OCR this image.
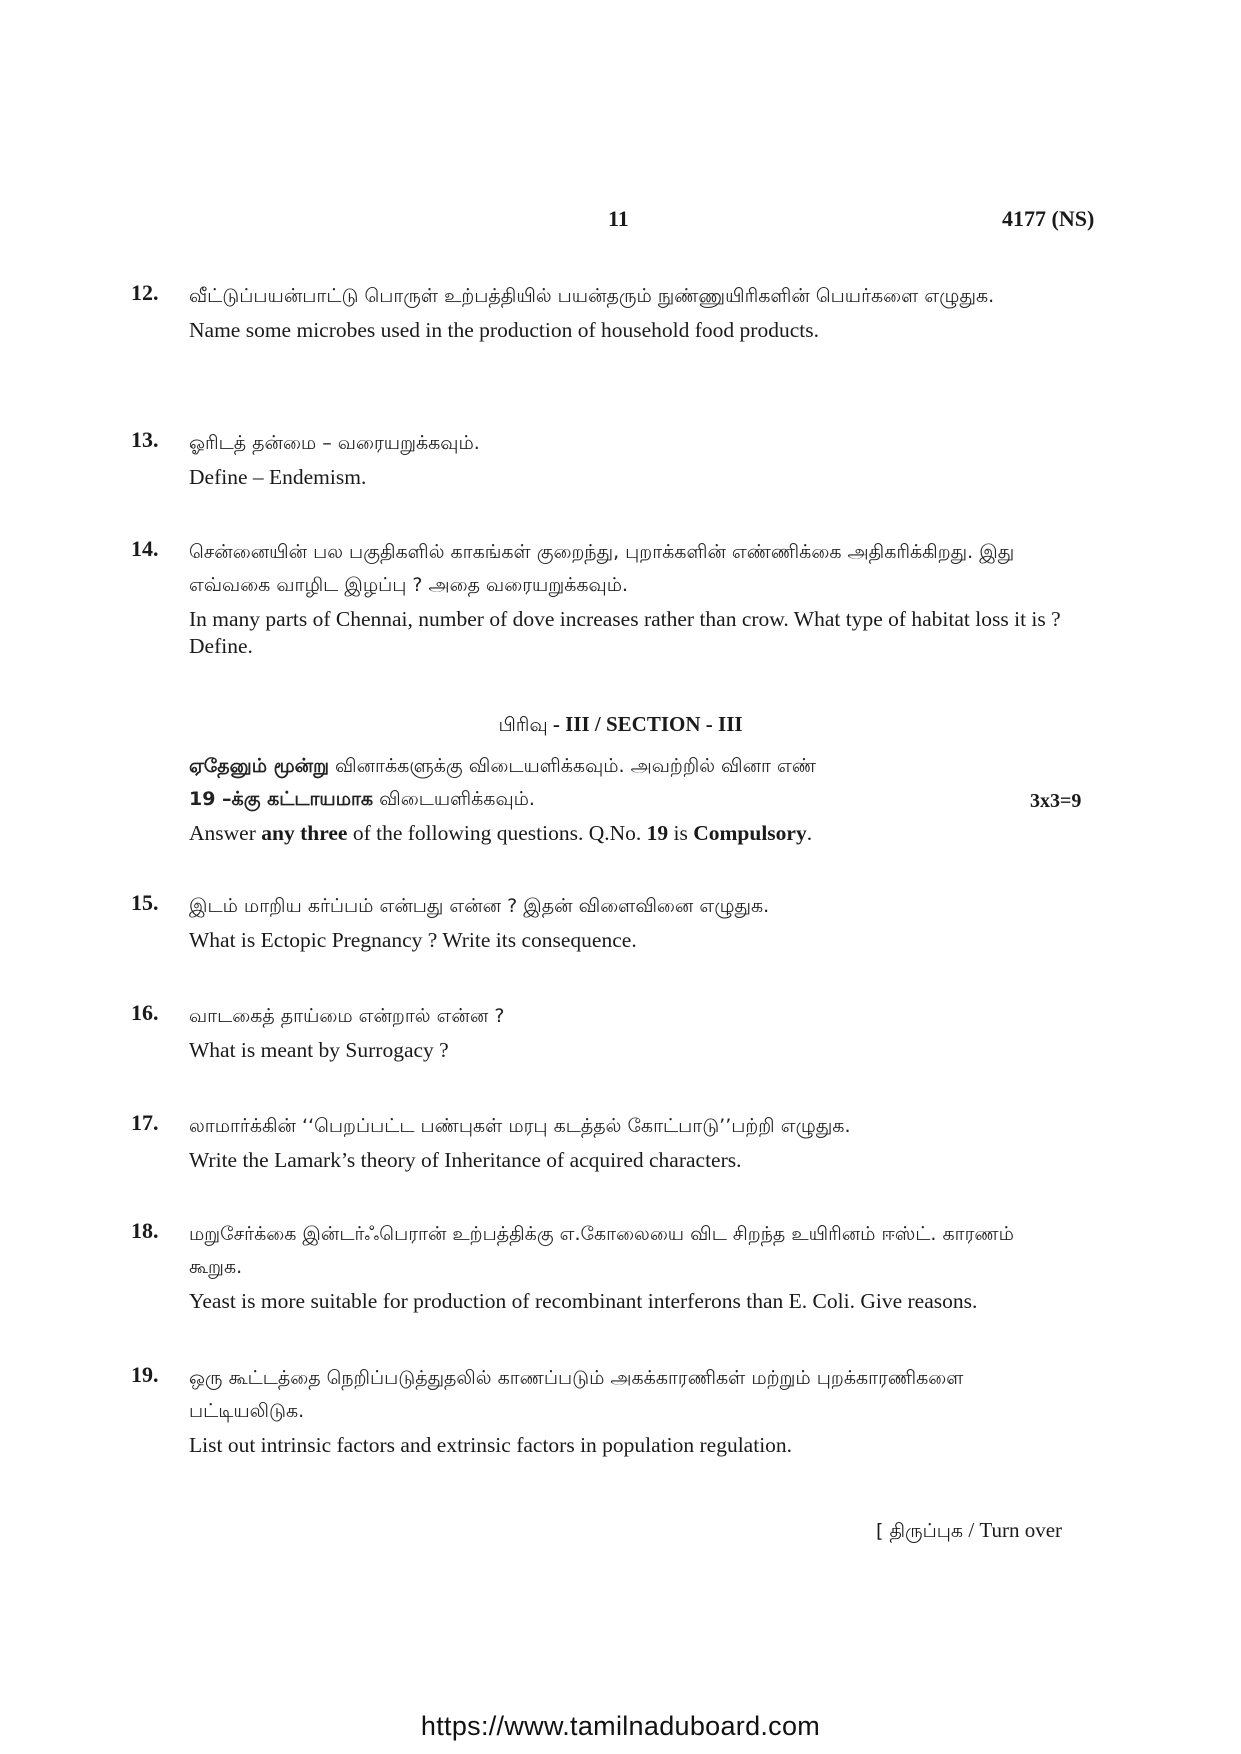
11	4177 (NS)
12. வீட்டுப்பயன்பாட்டு பொருள் உற்பத்தியில் பயன்தரும் நுண்ணுயிரிகளின் பெயர்களை எழுதுக.
Name some microbes used in the production of household food products.
13. ஓரிடத் தன்மை – வரையறுக்கவும்.
Define – Endemism.
14. சென்னையின் பல பகுதிகளில் காகங்கள் குறைந்து, புறாக்களின் எண்ணிக்கை அதிகரிக்கிறது. இது எவ்வகை வாழிட இழப்பு ? அதை வரையறுக்கவும்.
In many parts of Chennai, number of dove increases rather than crow. What type of habitat loss it is ? Define.
பிரிவு - III / SECTION - III
ஏதேனும் மூன்று வினாக்களுக்கு விடையளிக்கவும். அவற்றில் வினா எண்
19 –க்கு கட்டாயமாக விடையளிக்கவும்.	3x3=9
Answer any three of the following questions. Q.No. 19 is Compulsory.
15. இடம் மாறிய கர்ப்பம் என்பது என்ன ? இதன் விளைவினை எழுதுக.
What is Ectopic Pregnancy ? Write its consequence.
16. வாடகைத் தாய்மை என்றால் என்ன ?
What is meant by Surrogacy ?
17. லாமார்க்கின் ‘‘பெறப்பட்ட பண்புகள் மரபு கடத்தல் கோட்பாடு’’பற்றி எழுதுக.
Write the Lamark’s theory of Inheritance of acquired characters.
18. மறுசேர்க்கை இன்டர்ஃபெரான் உற்பத்திக்கு எ.கோலையை விட சிறந்த உயிரினம் ஈஸ்ட். காரணம் கூறுக.
Yeast is more suitable for production of recombinant interferons than E. Coli. Give reasons.
19. ஒரு கூட்டத்தை நெறிப்படுத்துதலில் காணப்படும் அகக்காரணிகள் மற்றும் புறக்காரணிகளை பட்டியலிடுக.
List out intrinsic factors and extrinsic factors in population regulation.
[ திருப்புக / Turn over
https://www.tamilnaduboard.com
